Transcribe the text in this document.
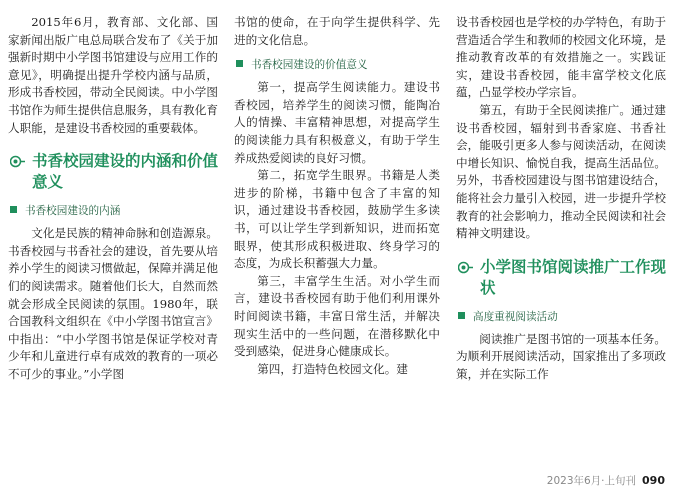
2015年6月，教育部、文化部、国家新闻出版广电总局联合发布了《关于加强新时期中小学图书馆建设与应用工作的意见》，明确提出提升学校内涵与品质，形成书香校园，带动全民阅读。中小学图书馆作为师生提供信息服务，具有教化育人职能，是建设书香校园的重要载体。

书香校园建设的内涵和价值意义
书香校园建设的内涵

文化是民族的精神命脉和创造源泉。书香校园与书香社会的建设，首先要从培养小学生的阅读习惯做起，保障并满足他们的阅读需求。随着他们长大，自然而然就会形成全民阅读的氛围。1980年，联合国教科文组织在《中小学图书馆宣言》中指出：“中小学图书馆是保证学校对青少年和儿童进行卓有成效的教育的一项必不可少的事业。”小学图

书馆的使命，在于向学生提供科学、先进的文化信息。

书香校园建设的价值意义

第一，提高学生阅读能力。建设书香校园，培养学生的阅读习惯，能陶冶人的情操、丰富精神思想，对提高学生的阅读能力具有积极意义，有助于学生养成热爱阅读的良好习惯。

第二，拓宽学生眼界。书籍是人类进步的阶梯，书籍中包含了丰富的知识，通过建设书香校园，鼓励学生多读书，可以让学生学到新知识，进而拓宽眼界，使其形成积极进取、终身学习的态度，为成长积蓄强大力量。

第三，丰富学生生活。对小学生而言，建设书香校园有助于他们利用课外时间阅读书籍，丰富日常生活，并解决现实生活中的一些问题，在潜移默化中受到感染，促进身心健康成长。

第四，打造特色校园文化。建

设书香校园也是学校的办学特色，有助于营造适合学生和教师的校园文化环境，是推动教育改革的有效措施之一。实践证实，建设书香校园，能丰富学校文化底蕴，凸显学校办学宗旨。

第五，有助于全民阅读推广。通过建设书香校园，辐射到书香家庭、书香社会，能吸引更多人参与阅读活动，在阅读中增长知识、愉悦自我，提高生活品位。另外，书香校园建设与图书馆建设结合，能将社会力量引入校园，进一步提升学校教育的社会影响力，推动全民阅读和社会精神文明建设。

小学图书馆阅读推广工作现状
高度重视阅读活动

阅读推广是图书馆的一项基本任务。为顺利开展阅读活动，国家推出了多项政策，并在实际工作

2023年6月·上旬刊 090
